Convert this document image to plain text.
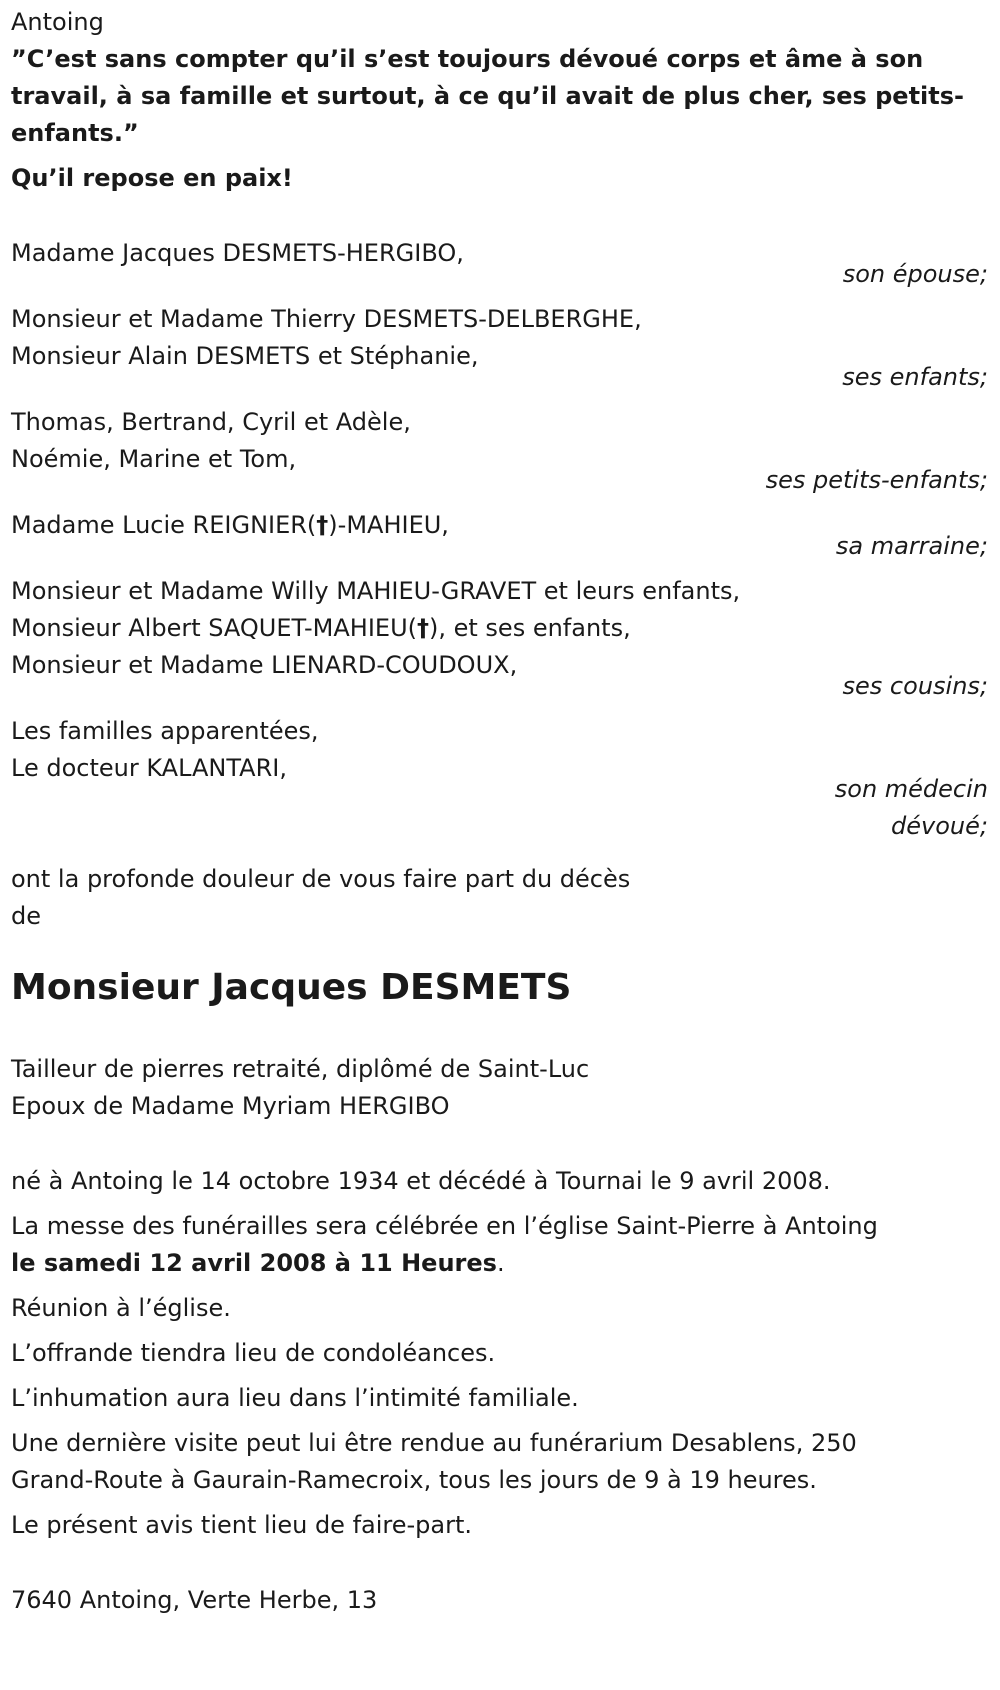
Antoing
”C’est sans compter qu’il s’est toujours dévoué corps et âme à son
travail, à sa famille et surtout, à ce qu’il avait de plus cher, ses petits-
enfants.”
Qu’il repose en paix!
Madame Jacques DESMETS-HERGIBO,
son épouse;
Monsieur et Madame Thierry DESMETS-DELBERGHE,
Monsieur Alain DESMETS et Stéphanie,
ses enfants;
Thomas, Bertrand, Cyril et Adèle,
Noémie, Marine et Tom,
ses petits-enfants;
Madame Lucie REIGNIER(†)-MAHIEU,
sa marraine;
Monsieur et Madame Willy MAHIEU-GRAVET et leurs enfants,
Monsieur Albert SAQUET-MAHIEU(†), et ses enfants,
Monsieur et Madame LIENARD-COUDOUX,
ses cousins;
Les familles apparentées,
Le docteur KALANTARI,
son médecin
dévoué;
ont la profonde douleur de vous faire part du décès
de
Monsieur Jacques DESMETS
Tailleur de pierres retraité, diplômé de Saint-Luc
Epoux de Madame Myriam HERGIBO
né à Antoing le 14 octobre 1934 et décédé à Tournai le 9 avril 2008.
La messe des funérailles sera célébrée en l’église Saint-Pierre à Antoing
le samedi 12 avril 2008 à 11 Heures.
Réunion à l’église.
L’offrande tiendra lieu de condoléances.
L’inhumation aura lieu dans l’intimité familiale.
Une dernière visite peut lui être rendue au funérarium Desablens, 250
Grand-Route à Gaurain-Ramecroix, tous les jours de 9 à 19 heures.
Le présent avis tient lieu de faire-part.
7640 Antoing, Verte Herbe, 13
